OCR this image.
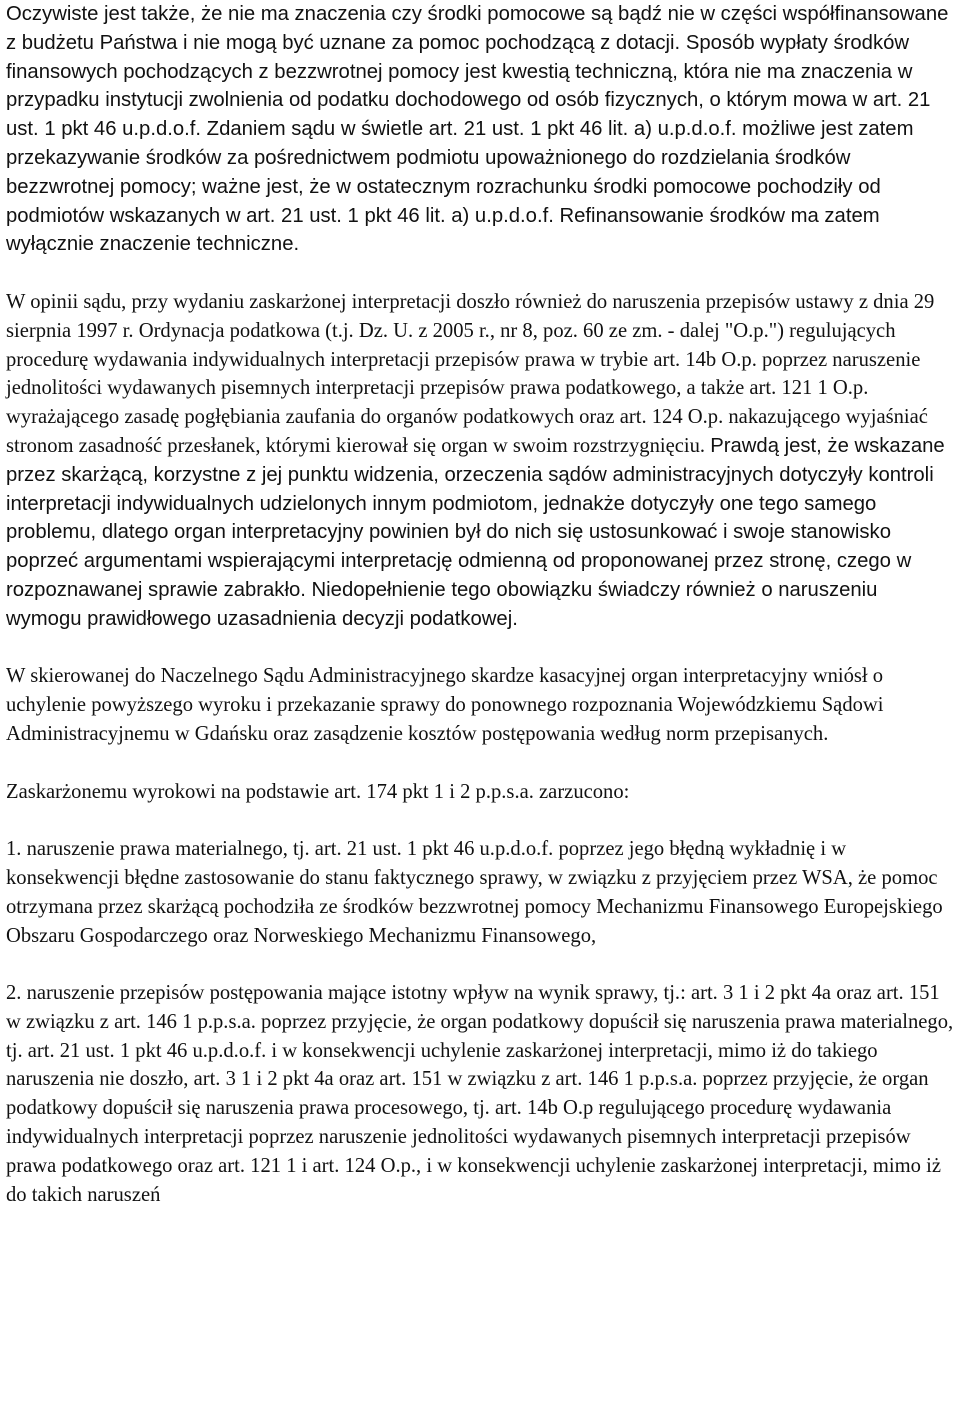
Oczywiste jest także, że nie ma znaczenia czy środki pomocowe są bądź nie w części współfinansowane z budżetu Państwa i nie mogą być uznane za pomoc pochodzącą z dotacji. Sposób wypłaty środków finansowych pochodzących z bezzwrotnej pomocy jest kwestią techniczną, która nie ma znaczenia w przypadku instytucji zwolnienia od podatku dochodowego od osób fizycznych, o którym mowa w art. 21 ust. 1 pkt 46 u.p.d.o.f. Zdaniem sądu w świetle art. 21 ust. 1 pkt 46 lit. a) u.p.d.o.f. możliwe jest zatem przekazywanie środków za pośrednictwem podmiotu upoważnionego do rozdzielania środków bezzwrotnej pomocy; ważne jest, że w ostatecznym rozrachunku środki pomocowe pochodziły od podmiotów wskazanych w art. 21 ust. 1 pkt 46 lit. a) u.p.d.o.f. Refinansowanie środków ma zatem wyłącznie znaczenie techniczne.

W opinii sądu, przy wydaniu zaskarżonej interpretacji doszło również do naruszenia przepisów ustawy z dnia 29 sierpnia 1997 r. Ordynacja podatkowa (t.j. Dz. U. z 2005 r., nr 8, poz. 60 ze zm. - dalej "O.p.") regulujących procedurę wydawania indywidualnych interpretacji przepisów prawa w trybie art. 14b O.p. poprzez naruszenie jednolitości wydawanych pisemnych interpretacji przepisów prawa podatkowego, a także art. 121 1 O.p. wyrażającego zasadę pogłębiania zaufania do organów podatkowych oraz art. 124 O.p. nakazującego wyjaśniać stronom zasadność przesłanek, którymi kierował się organ w swoim rozstrzygnięciu. Prawdą jest, że wskazane przez skarżącą, korzystne z jej punktu widzenia, orzeczenia sądów administracyjnych dotyczyły kontroli interpretacji indywidualnych udzielonych innym podmiotom, jednakże dotyczyły one tego samego problemu, dlatego organ interpretacyjny powinien był do nich się ustosunkować i swoje stanowisko poprzeć argumentami wspierającymi interpretację odmienną od proponowanej przez stronę, czego w rozpoznawanej sprawie zabrakło. Niedopełnienie tego obowiązku świadczy również o naruszeniu wymogu prawidłowego uzasadnienia decyzji podatkowej.

W skierowanej do Naczelnego Sądu Administracyjnego skardze kasacyjnej organ interpretacyjny wniósł o uchylenie powyższego wyroku i przekazanie sprawy do ponownego rozpoznania Wojewódzkiemu Sądowi Administracyjnemu w Gdańsku oraz zasądzenie kosztów postępowania według norm przepisanych.

Zaskarżonemu wyrokowi na podstawie art. 174 pkt 1 i 2 p.p.s.a. zarzucono:

1. naruszenie prawa materialnego, tj. art. 21 ust. 1 pkt 46 u.p.d.o.f. poprzez jego błędną wykładnię i w konsekwencji błędne zastosowanie do stanu faktycznego sprawy, w związku z przyjęciem przez WSA, że pomoc otrzymana przez skarżącą pochodziła ze środków bezzwrotnej pomocy Mechanizmu Finansowego Europejskiego Obszaru Gospodarczego oraz Norweskiego Mechanizmu Finansowego,

2. naruszenie przepisów postępowania mające istotny wpływ na wynik sprawy, tj.: art. 3 1 i 2 pkt 4a oraz art. 151 w związku z art. 146 1 p.p.s.a. poprzez przyjęcie, że organ podatkowy dopuścił się naruszenia prawa materialnego, tj. art. 21 ust. 1 pkt 46 u.p.d.o.f. i w konsekwencji uchylenie zaskarżonej interpretacji, mimo iż do takiego naruszenia nie doszło, art. 3 1 i 2 pkt 4a oraz art. 151 w związku z art. 146 1 p.p.s.a. poprzez przyjęcie, że organ podatkowy dopuścił się naruszenia prawa procesowego, tj. art. 14b O.p regulującego procedurę wydawania indywidualnych interpretacji poprzez naruszenie jednolitości wydawanych pisemnych interpretacji przepisów prawa podatkowego oraz art. 121 1 i art. 124 O.p., i w konsekwencji uchylenie zaskarżonej interpretacji, mimo iż do takich naruszeń
